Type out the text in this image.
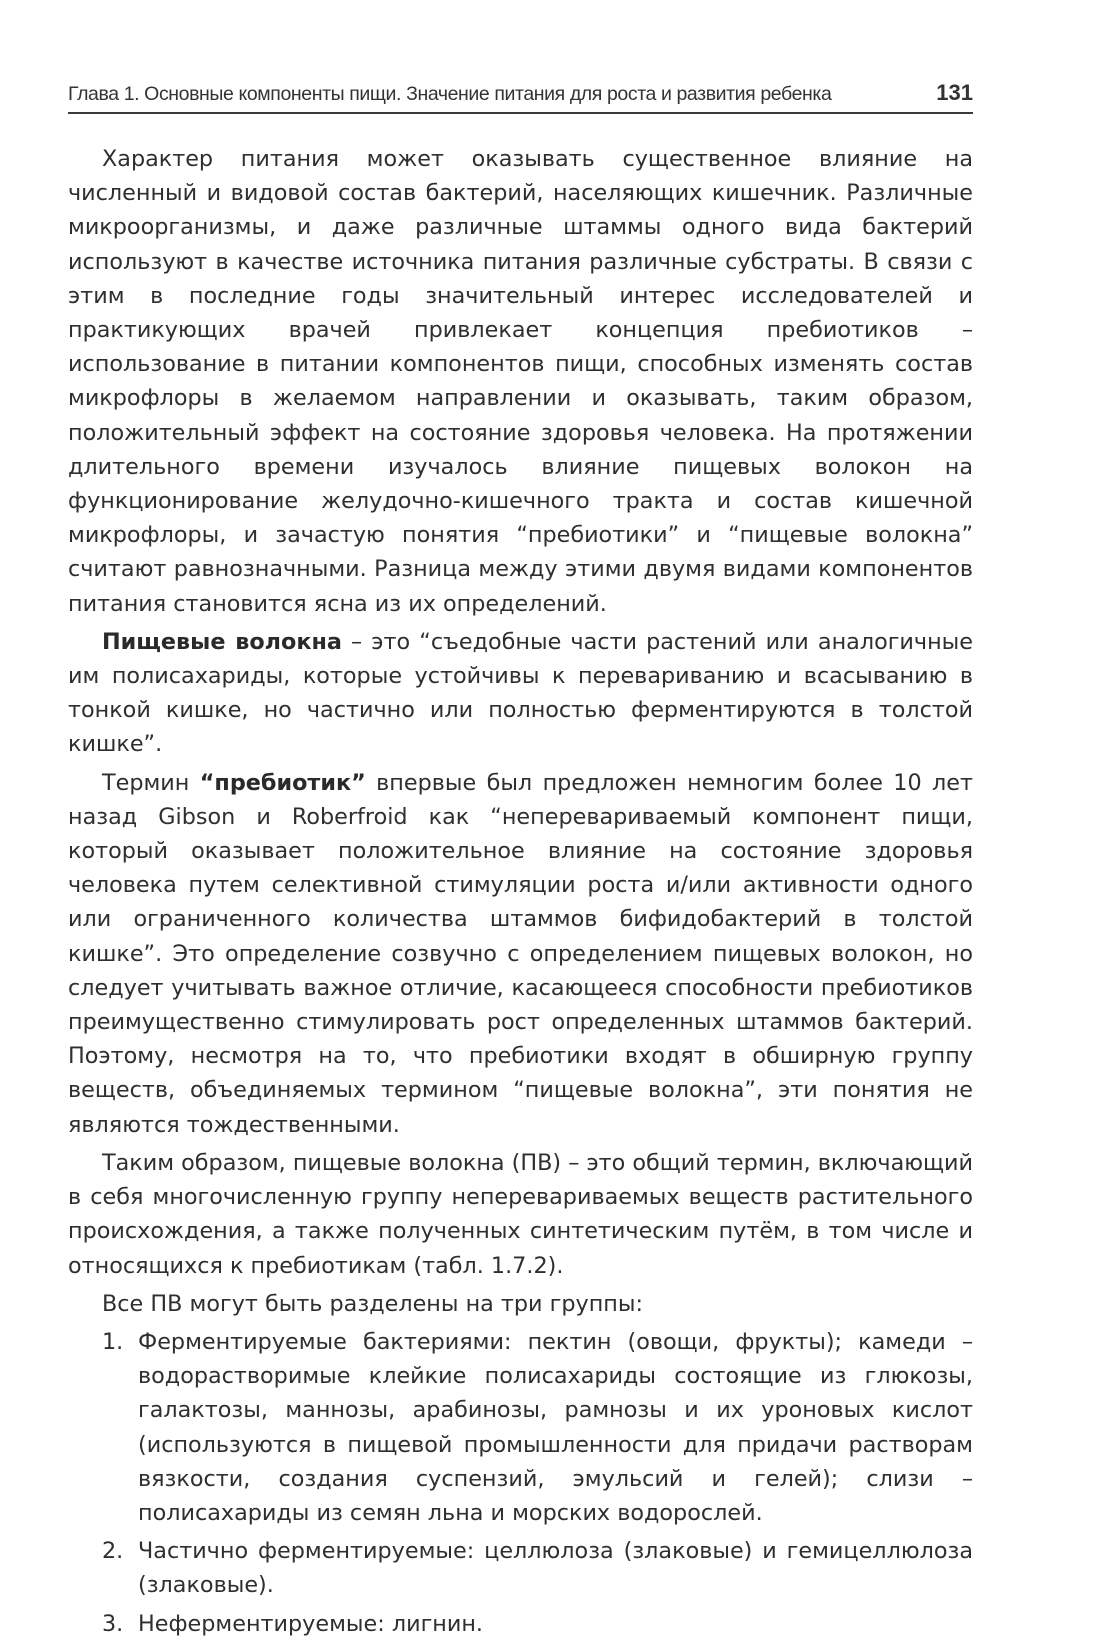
Глава 1. Основные компоненты пищи. Значение питания для роста и развития ребенка	131

Характер питания может оказывать существенное влияние на численный и видовой состав бактерий, населяющих кишечник. Различные микроорганизмы, и даже различные штаммы одного вида бактерий используют в качестве источника питания различные субстраты. В связи с этим в последние годы значительный интерес исследователей и практикующих врачей привлекает концепция пребиотиков – использование в питании компонентов пищи, способных изменять состав микрофлоры в желаемом направлении и оказывать, таким образом, положительный эффект на состояние здоровья человека. На протяжении длительного времени изучалось влияние пищевых волокон на функционирование желудочно-кишечного тракта и состав кишечной микрофлоры, и зачастую понятия “пребиотики” и “пищевые волокна” считают равнозначными. Разница между этими двумя видами компонентов питания становится ясна из их определений.

Пищевые волокна – это “съедобные части растений или аналогичные им полисахариды, которые устойчивы к перевариванию и всасыванию в тонкой кишке, но частично или полностью ферментируются в толстой кишке”.

Термин “пребиотик” впервые был предложен немногим более 10 лет назад Gibson и Roberfroid как “неперевариваемый компонент пищи, который оказывает положительное влияние на состояние здоровья человека путем селективной стимуляции роста и/или активности одного или ограниченного количества штаммов бифидобактерий в толстой кишке”. Это определение созвучно с определением пищевых волокон, но следует учитывать важное отличие, касающееся способности пребиотиков преимущественно стимулировать рост определенных штаммов бактерий. Поэтому, несмотря на то, что пребиотики входят в обширную группу веществ, объединяемых термином “пищевые волокна”, эти понятия не являются тождественными.

Таким образом, пищевые волокна (ПВ) – это общий термин, включающий в себя многочисленную группу неперевариваемых веществ растительного происхождения, а также полученных синтетическим путём, в том числе и относящихся к пребиотикам (табл. 1.7.2).

Все ПВ могут быть разделены на три группы:

1. Ферментируемые бактериями: пектин (овощи, фрукты); камеди – водорастворимые клейкие полисахариды состоящие из глюкозы, галактозы, маннозы, арабинозы, рамнозы и их уроновых кислот (используются в пищевой промышленности для придачи растворам вязкости, создания суспензий, эмульсий и гелей); слизи – полисахариды из семян льна и морских водорослей.
2. Частично ферментируемые: целлюлоза (злаковые) и гемицеллюлоза (злаковые).
3. Неферментируемые: лигнин.
